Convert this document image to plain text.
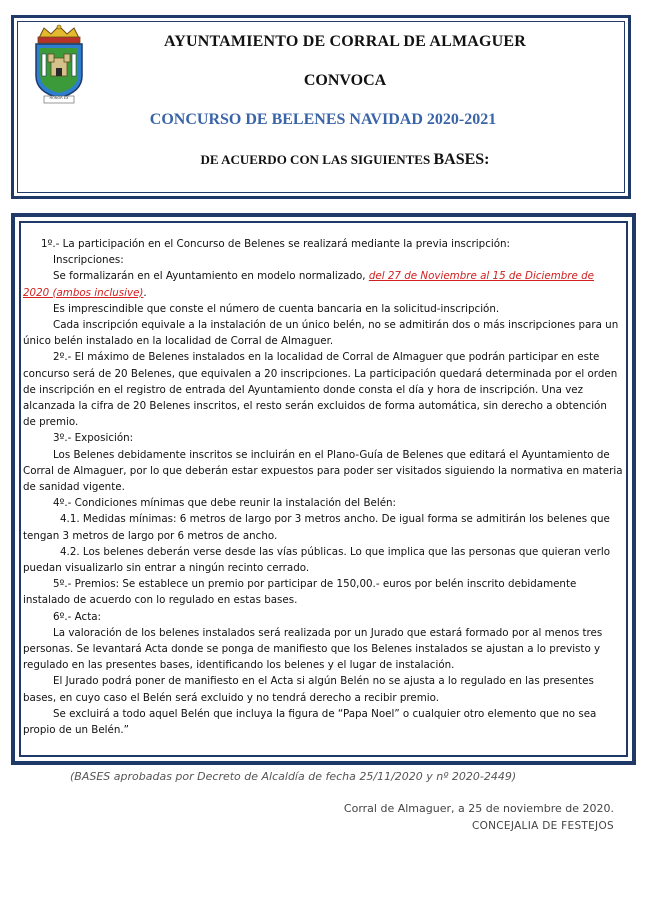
HONOR EX
AYUNTAMIENTO DE CORRAL DE ALMAGUER
CONVOCA
CONCURSO DE BELENES NAVIDAD 2020-2021
DE ACUERDO CON LAS SIGUIENTES BASES:

1º.- La participación en el Concurso de Belenes se realizará mediante la previa inscripción:

Inscripciones:

Se formalizarán en el Ayuntamiento en modelo normalizado, del 27 de Noviembre al 15 de Diciembre de 2020 (ambos inclusive).

Es imprescindible que conste el número de cuenta bancaria en la solicitud-inscripción.

Cada inscripción equivale a la instalación de un único belén, no se admitirán dos o más inscripciones para un único belén instalado en la localidad de Corral de Almaguer.

2º.- El máximo de Belenes instalados en la localidad de Corral de Almaguer que podrán participar en este concurso será de 20 Belenes, que equivalen a 20 inscripciones. La participación quedará determinada por el orden de inscripción en el registro de entrada del Ayuntamiento donde consta el día y hora de inscripción. Una vez alcanzada la cifra de 20 Belenes inscritos, el resto serán excluidos de forma automática, sin derecho a obtención de premio.

3º.- Exposición:

Los Belenes debidamente inscritos se incluirán en el Plano-Guía de Belenes que editará el Ayuntamiento de Corral de Almaguer, por lo que deberán estar expuestos para poder ser visitados siguiendo la normativa en materia de sanidad vigente.

4º.- Condiciones mínimas que debe reunir la instalación del Belén:

4.1. Medidas mínimas: 6 metros de largo por 3 metros ancho. De igual forma se admitirán los belenes que tengan 3 metros de largo por 6 metros de ancho.

4.2. Los belenes deberán verse desde las vías públicas. Lo que implica que las personas que quieran verlo puedan visualizarlo sin entrar a ningún recinto cerrado.

5º.- Premios: Se establece un premio por participar de 150,00.- euros por belén inscrito debidamente instalado de acuerdo con lo regulado en estas bases.

6º.- Acta:

La valoración de los belenes instalados será realizada por un Jurado que estará formado por al menos tres personas. Se levantará Acta donde se ponga de manifiesto que los Belenes instalados se ajustan a lo previsto y regulado en las presentes bases, identificando los belenes y el lugar de instalación.

El Jurado podrá poner de manifiesto en el Acta si algún Belén no se ajusta a lo regulado en las presentes bases, en cuyo caso el Belén será excluido y no tendrá derecho a recibir premio.

Se excluirá a todo aquel Belén que incluya la figura de “Papa Noel” o cualquier otro elemento que no sea propio de un Belén.”

(BASES aprobadas por Decreto de Alcaldía de fecha 25/11/2020 y nº 2020-2449)
Corral de Almaguer, a 25 de noviembre de 2020.
CONCEJALIA DE FESTEJOS
